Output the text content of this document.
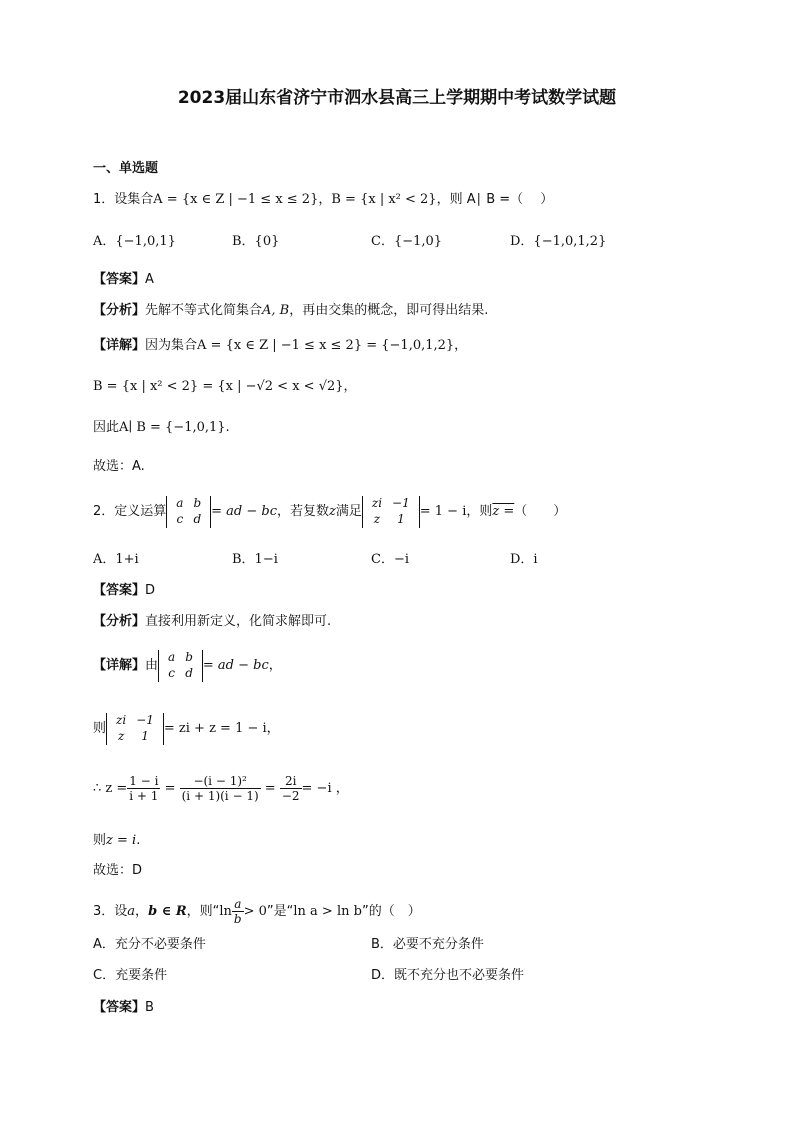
2023届山东省济宁市泗水县高三上学期期中考试数学试题
一、单选题
1．设集合 A = {x ∈ Z | −1 ≤ x ≤ 2} ， B = {x | x² < 2} ，则 A∣ B =（　 ）
A．{−1,0,1}	B．{0}	C．{−1,0}	D．{−1,0,1,2}
【答案】A
【分析】先解不等式化简集合A, B，再由交集的概念，即可得出结果.
【详解】 因为集合 A = {x ∈ Z | −1 ≤ x ≤ 2} = {−1,0,1,2} ，
B = {x | x² < 2} = {x | −√2 < x < √2} ，
因此 A∣ B = {−1,0,1} .
故选：A.
2．定义运算
a	b
c	d = ad − bc ，若复数 z 满足
zi	−1
z	1 = 1 − i ，则 z = （　　）
A．1+i	B．1−i	C．−i	D．i
【答案】D
【分析】直接利用新定义，化简求解即可.
【详解】 由
a	b
c	d = ad − bc ，
则
zi	−1
z	1 = zi + z = 1 − i ，
∴ $z = \frac{1 - i}{i + 1} = \frac{\text{−(i − 1)²}}{(i + 1)(i - 1)} = \frac{2i}{-2} = -i$ ，
则 z = i .
故选：D
3．设 a ， b ∈ R ，则“ $\ln \frac{a}{b} > 0$ ”是“ ln a > ln b ”的（　）
A．充分不必要条件	B．必要不充分条件
C．充要条件	D．既不充分也不必要条件
【答案】B
